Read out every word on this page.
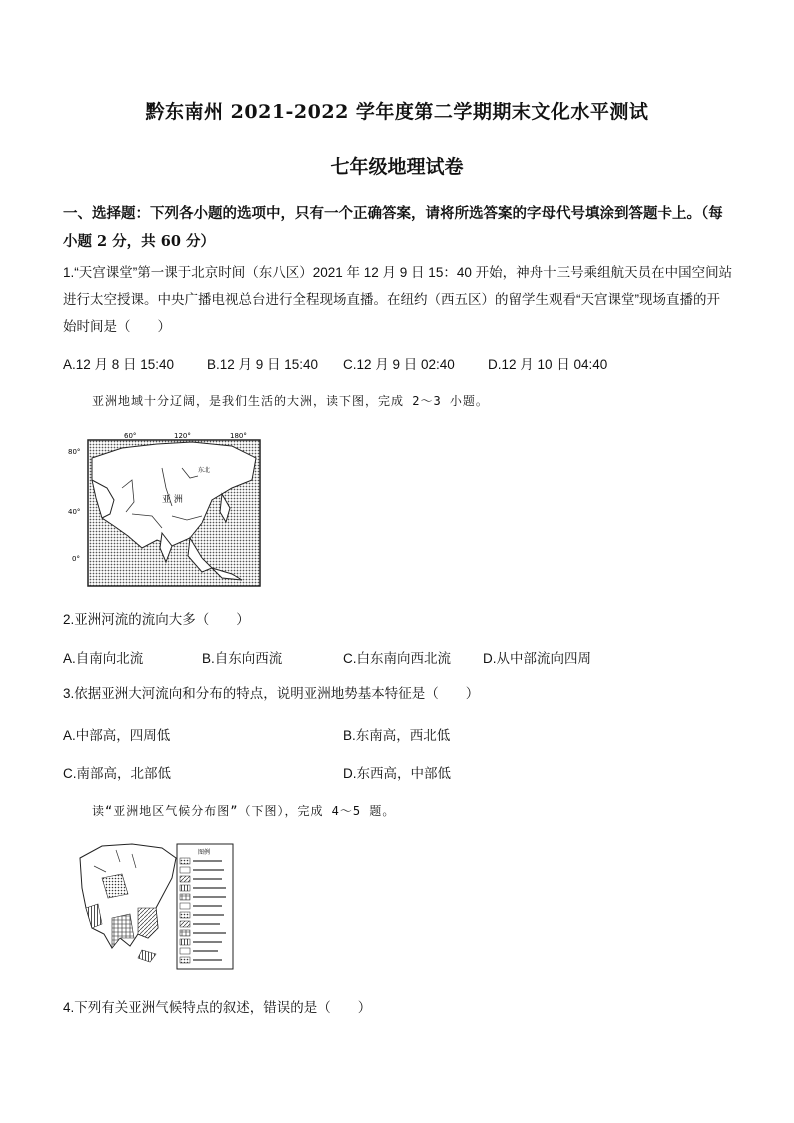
黔东南州 2021-2022 学年度第二学期期末文化水平测试
七年级地理试卷
一、选择题：下列各小题的选项中，只有一个正确答案，请将所选答案的字母代号填涂到答题卡上。（每小题 2 分，共 60 分）
1.“天宫课堂”第一课于北京时间（东八区）2021 年 12 月 9 日 15：40 开始，神舟十三号乘组航天员在中国空间站进行太空授课。中央广播电视总台进行全程现场直播。在纽约（西五区）的留学生观看“天宫课堂”现场直播的开始时间是（　　）
A.12 月 8 日 15:40 B.12 月 9 日 15:40 C.12 月 9 日 02:40 D.12 月 10 日 04:40
亚洲地域十分辽阔，是我们生活的大洲，读下图，完成 2～3 小题。
60°	120°	180°
80°
40°
0°
亚 洲
东北
2.亚洲河流的流向大多（　　）
A.自南向北流	B.自东向西流	C.白东南向西北流 D.从中部流向四周
3.依据亚洲大河流向和分布的特点，说明亚洲地势基本特征是（　　）
A.中部高，四周低	B.东南高，西北低
C.南部高，北部低	D.东西高，中部低
读“亚洲地区气候分布图”（下图），完成 4～5 题。
图例
4.下列有关亚洲气候特点的叙述，错误的是（　　）
